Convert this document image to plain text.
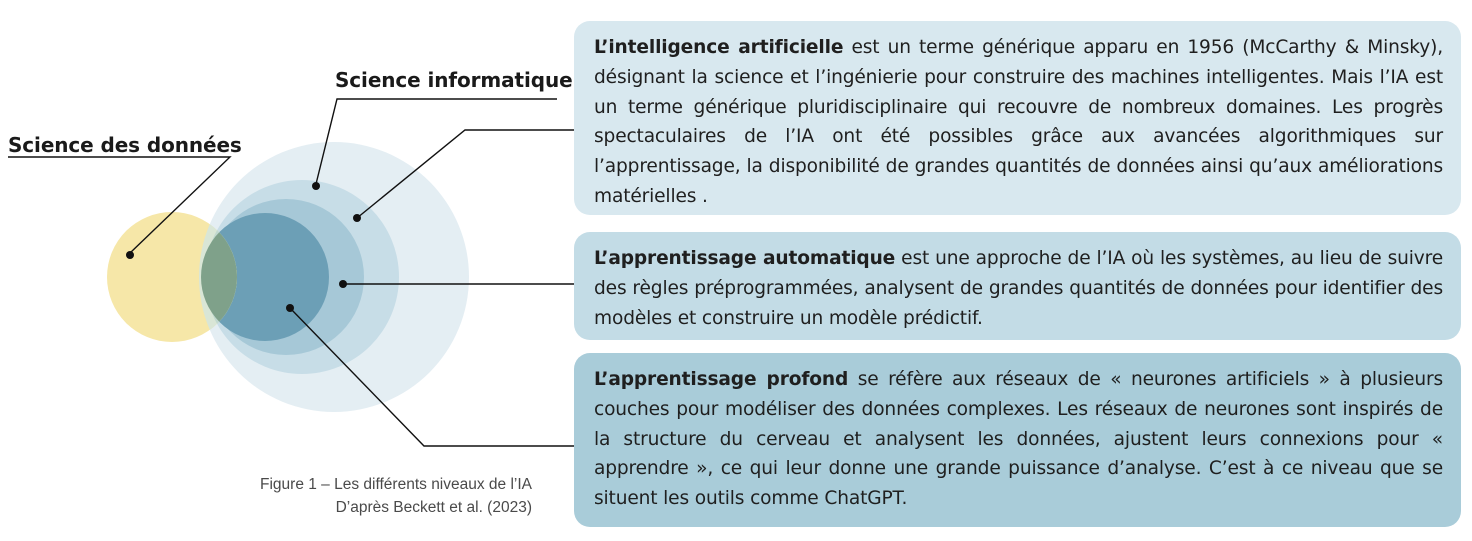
Science informatique
Science des données
L’intelligence artificielle est un terme générique apparu en 1956 (McCarthy & Minsky), désignant la science et l’ingénierie pour construire des machines intelligentes. Mais l’IA est un terme générique pluridisciplinaire qui recouvre de nombreux domaines. Les progrès spectaculaires de l’IA ont été possibles grâce aux avancées algorithmiques sur l’apprentissage, la disponibilité de grandes quantités de données ainsi qu’aux améliorations matérielles .
L’apprentissage automatique est une approche de l’IA où les systèmes, au lieu de suivre des règles préprogrammées, analysent de grandes quantités de données pour identifier des modèles et construire un modèle prédictif.
L’apprentissage profond se réfère aux réseaux de « neurones artificiels » à plusieurs couches pour modéliser des données complexes. Les réseaux de neurones sont inspirés de la structure du cerveau et analysent les données, ajustent leurs connexions pour « apprendre », ce qui leur donne une grande puissance d’analyse. C’est à ce niveau que se situent les outils comme ChatGPT.
Figure 1 – Les différents niveaux de l’IA
D’après Beckett et al. (2023)
